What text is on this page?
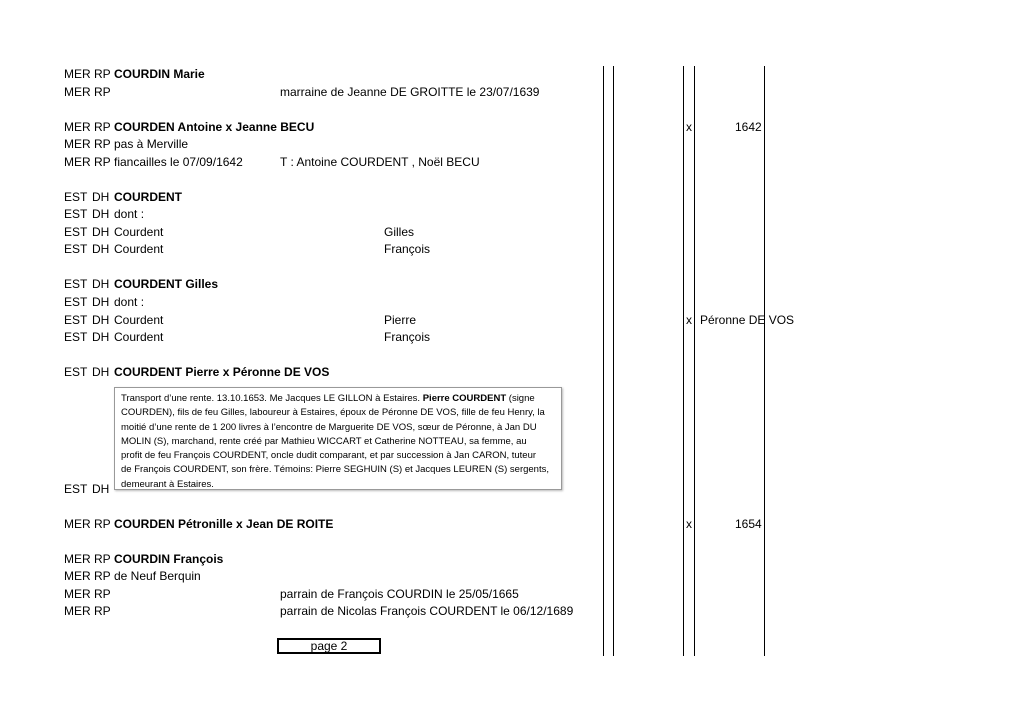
MER RP COURDIN Marie
MER RP	marraine de Jeanne DE GROITTE le 23/07/1639
MER RP COURDEN Antoine x Jeanne BECU	x	1642
MER RP pas à Merville
MER RP fiancailles le 07/09/1642	T : Antoine COURDENT , Noël BECU
EST DH COURDENT
EST DH dont :
EST DH Courdent	Gilles
EST DH Courdent	François
EST DH COURDENT Gilles
EST DH dont :
EST DH Courdent	Pierre	x Péronne DE VOS
EST DH Courdent	François
EST DH COURDENT Pierre x Péronne DE VOS
Transport d’une rente. 13.10.1653. Me Jacques LE GILLON à Estaires. Pierre COURDENT (signe
COURDEN), fils de feu Gilles, laboureur à Estaires, époux de Péronne DE VOS, fille de feu Henry, la
moitié d’une rente de 1 200 livres à l’encontre de Marguerite DE VOS, sœur de Péronne, à Jan DU
MOLIN (S), marchand, rente créé par Mathieu WICCART et Catherine NOTTEAU, sa femme, au
profit de feu François COURDENT, oncle dudit comparant, et par succession à Jan CARON, tuteur
de François COURDENT, son frère. Témoins: Pierre SEGHUIN (S) et Jacques LEUREN (S) sergents,
demeurant à Estaires.
EST DH
MER RP COURDEN Pétronille x Jean DE ROITE	x	1654
MER RP COURDIN François
MER RP de Neuf Berquin
MER RP	parrain de François COURDIN le 25/05/1665
MER RP	parrain de Nicolas François COURDENT le 06/12/1689
page 2
